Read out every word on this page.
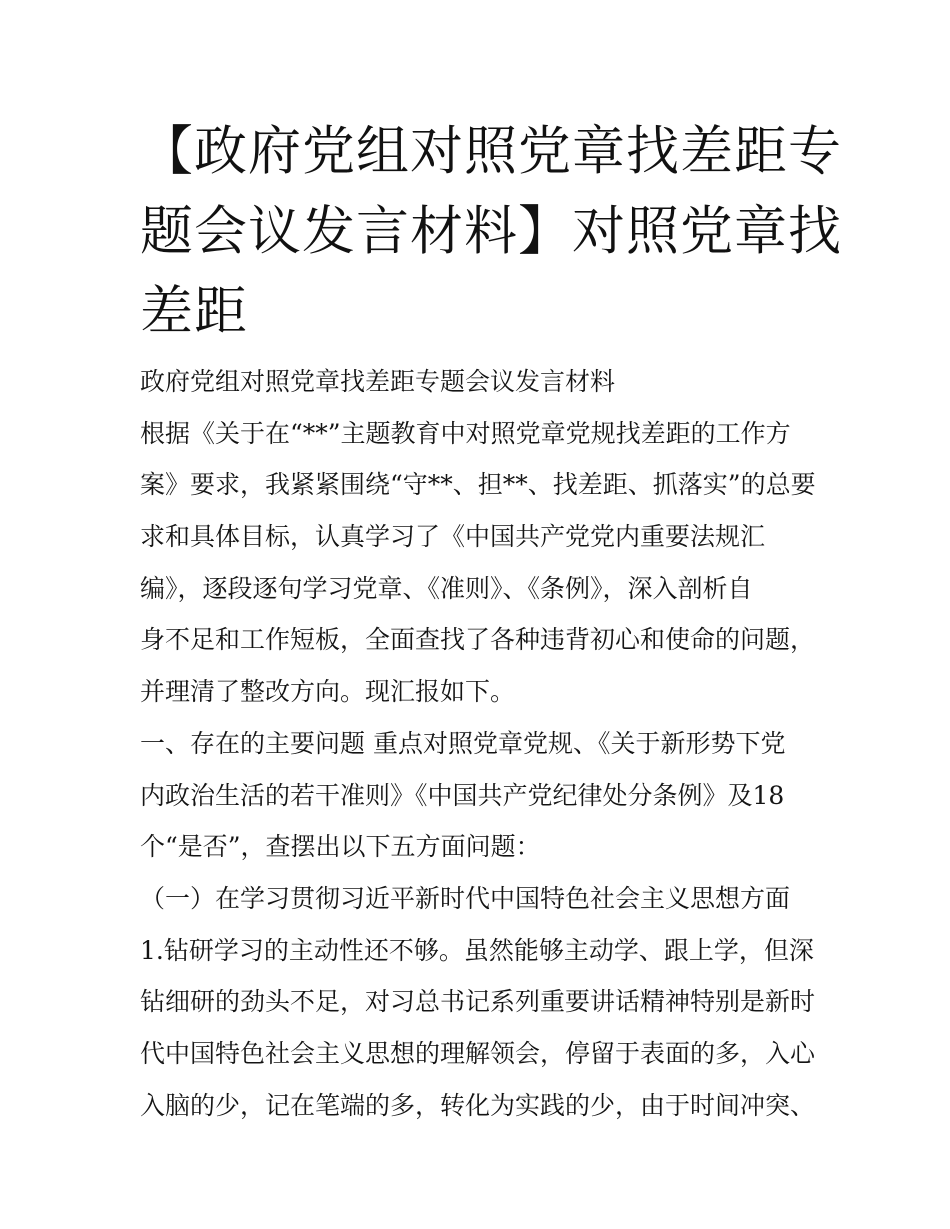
【政府党组对照党章找差距专
题会议发言材料】对照党章找
差距
政府党组对照党章找差距专题会议发言材料
根据《关于在“**”主题教育中对照党章党规找差距的工作方
案》要求，我紧紧围绕“守**、担**、找差距、抓落实”的总要
求和具体目标，认真学习了《中国共产党党内重要法规汇
编》，逐段逐句学习党章、《准则》、《条例》，深入剖析自
身不足和工作短板，全面查找了各种违背初心和使命的问题，
并理清了整改方向。现汇报如下。
一、存在的主要问题 重点对照党章党规、《关于新形势下党
内政治生活的若干准则》《中国共产党纪律处分条例》及18
个“是否”，查摆出以下五方面问题：
（一）在学习贯彻习近平新时代中国特色社会主义思想方面
1.钻研学习的主动性还不够。虽然能够主动学、跟上学，但深
钻细研的劲头不足，对习总书记系列重要讲话精神特别是新时
代中国特色社会主义思想的理解领会，停留于表面的多，入心
入脑的少，记在笔端的多，转化为实践的少，由于时间冲突、
